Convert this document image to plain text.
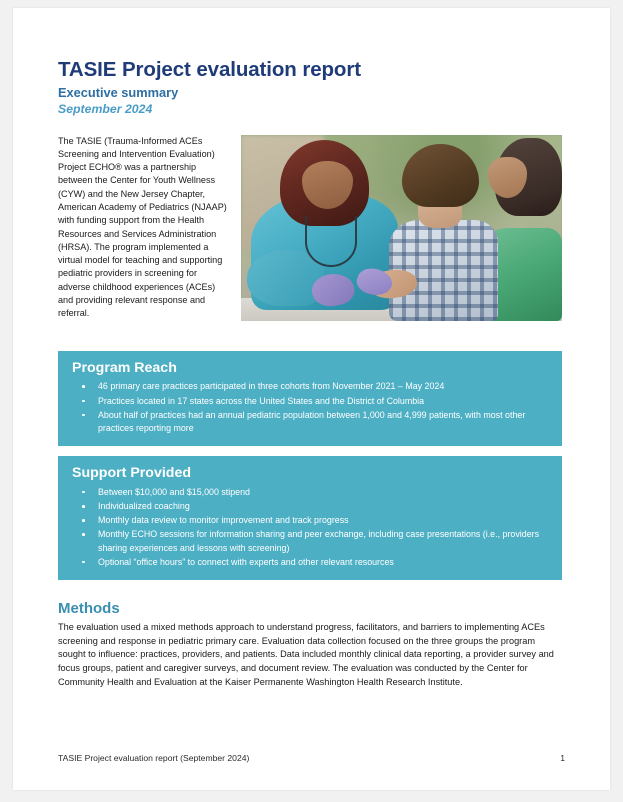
TASIE Project evaluation report
Executive summary
September 2024

The TASIE (Trauma-Informed ACEs Screening and Intervention Evaluation) Project ECHO® was a partnership between the Center for Youth Wellness (CYW) and the New Jersey Chapter, American Academy of Pediatrics (NJAAP) with funding support from the Health Resources and Services Administration (HRSA). The program implemented a virtual model for teaching and supporting pediatric providers in screening for adverse childhood experiences (ACEs) and providing relevant response and referral.

Program Reach
46 primary care practices participated in three cohorts from November 2021 – May 2024
Practices located in 17 states across the United States and the District of Columbia
About half of practices had an annual pediatric population between 1,000 and 4,999 patients, with most other practices reporting more
Support Provided
Between $10,000 and $15,000 stipend
Individualized coaching
Monthly data review to monitor improvement and track progress
Monthly ECHO sessions for information sharing and peer exchange, including case presentations (i.e., providers sharing experiences and lessons with screening)
Optional “office hours” to connect with experts and other relevant resources
Methods

The evaluation used a mixed methods approach to understand progress, facilitators, and barriers to implementing ACEs screening and response in pediatric primary care. Evaluation data collection focused on the three groups the program sought to influence: practices, providers, and patients. Data included monthly clinical data reporting, a provider survey and focus groups, patient and caregiver surveys, and document review. The evaluation was conducted by the Center for Community Health and Evaluation at the Kaiser Permanente Washington Health Research Institute.

TASIE Project evaluation report (September 2024)	1
